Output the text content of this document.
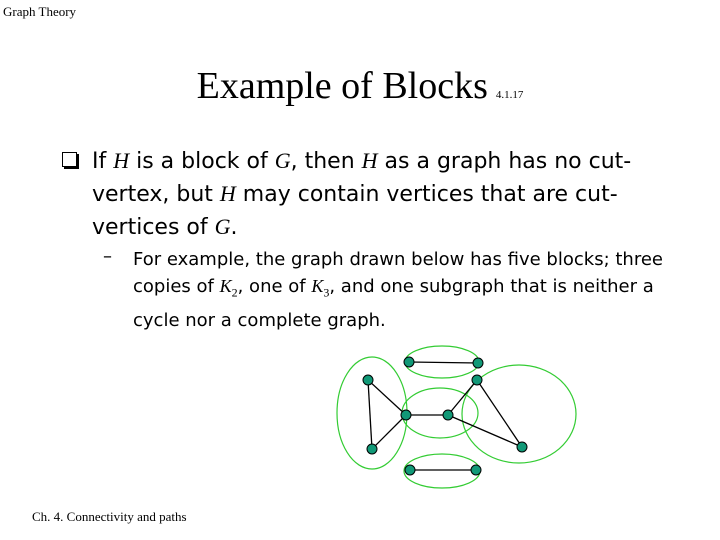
Graph Theory
Example of Blocks 4.1.17
If H is a block of G, then H as a graph has no cut-vertex, but H may contain vertices that are cut-vertices of G.
– For example, the graph drawn below has five blocks; three copies of $K_2$, one of $K_3$, and one subgraph that is neither a cycle nor a complete graph.
Ch. 4. Connectivity and paths
